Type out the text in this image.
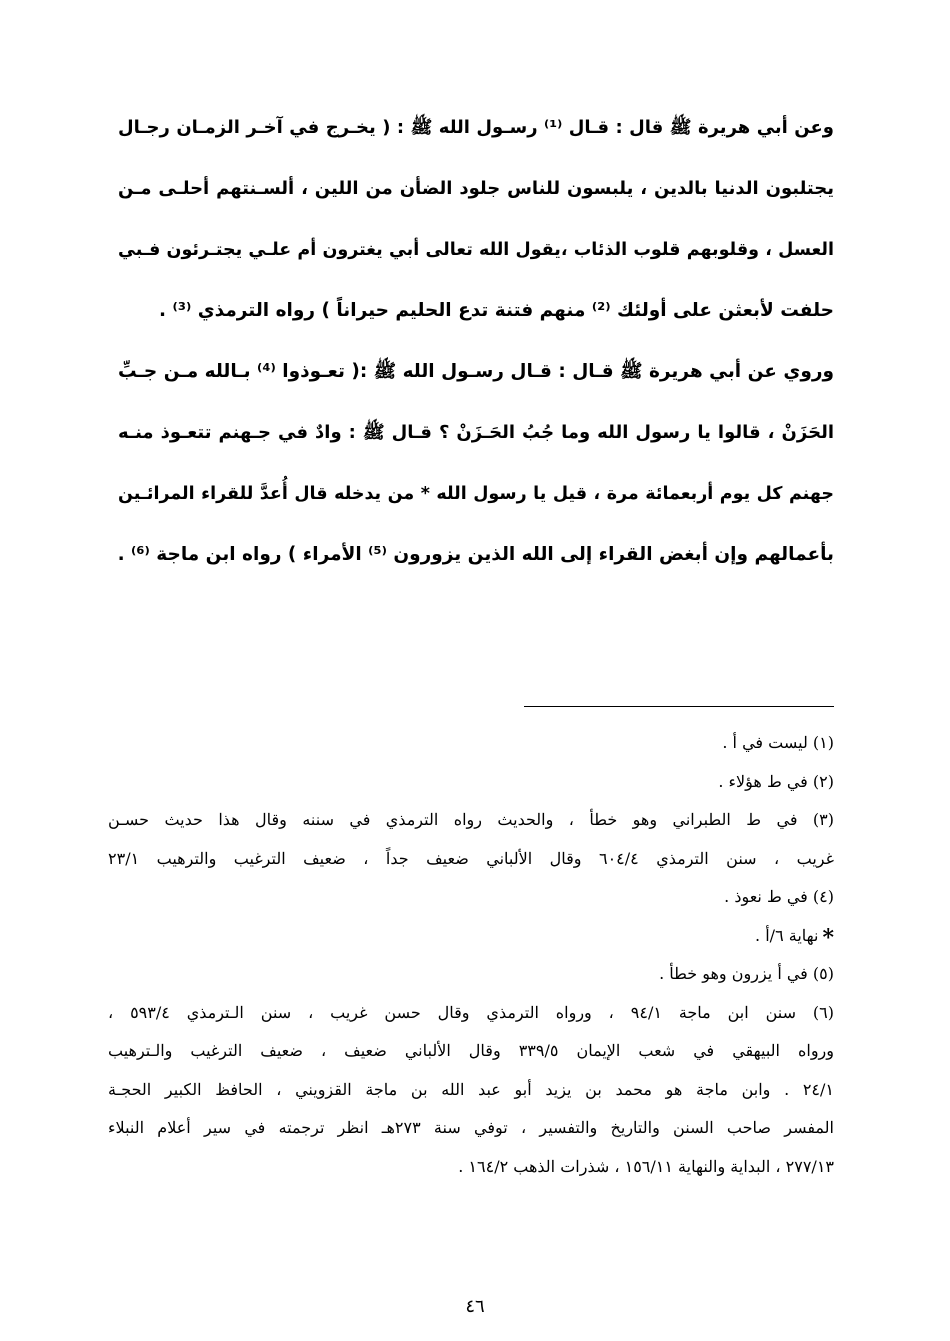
وعن أبي هريرة ﷺ قال : قـال ⁽¹⁾ رسـول الله ﷺ : ( يخـرج في آخـر الزمـان رجـال
يجتلبون الدنيا بالدين ، يلبسون للناس جلود الضأن من اللين ، ألسـنتهم أحلـى مـن
العسل ، وقلوبهم قلوب الذئاب ،يقول الله تعالى أبي يغترون أم علـي يجتـرئون فـبي
حلفت لأبعثن على أولئك ⁽²⁾ منهم فتنة تدع الحليم حيراناً ) رواه الترمذي ⁽³⁾ .
وروي عن أبي هريرة ﷺ قـال : قـال رسـول الله ﷺ :( تعـوذوا ⁽⁴⁾ بـالله مـن جـبِّ
الحَزَنْ ، قالوا يا رسول الله وما جُبُ الحَـزَنْ ؟ قـال ﷺ : وادٌ في جـهنم تتعـوذ منـه
جهنم كل يوم أربعمائة مرة ، قيل يا رسول الله * من يدخله قال أُعدَّ للقراء المرائـين
بأعمالهم وإن أبغض القراء إلى الله الذين يزورون ⁽⁵⁾ الأمراء ) رواه ابن ماجة ⁽⁶⁾ .
(١) ليست في أ .
(٢) في ط هؤلاء .
(٣) في ط الطبراني وهو خطأ ، والحديث رواه الترمذي في سننه وقال هذا حديث حسـن
غريب ، سنن الترمذي ٦٠٤/٤ وقال الألباني ضعيف جداً ، ضعيف الترغيب والترهيب ٢٣/١
(٤) في ط نعوذ .
*نهاية ٦/أ .
(٥) في أ يزرون وهو خطأ .
(٦) سنن ابن ماجة ٩٤/١ ، ورواه الترمذي وقال حسن غريب ، سنن الـترمذي ٥٩٣/٤ ،
ورواه البيهقي في شعب الإيمان ٣٣٩/٥ وقال الألباني ضعيف ، ضعيف الترغيب والـترهيب
٢٤/١ . وابن ماجة هو محمد بن يزيد أبو عبد الله بن ماجة القزويني ، الحافظ الكبير الحجـة
المفسر صاحب السنن والتاريخ والتفسير ، توفي سنة ٢٧٣هـ انظر ترجمته في سير أعلام النبلاء
٢٧٧/١٣ ، البداية والنهاية ١٥٦/١١ ، شذرات الذهب ١٦٤/٢ .
٤٦
